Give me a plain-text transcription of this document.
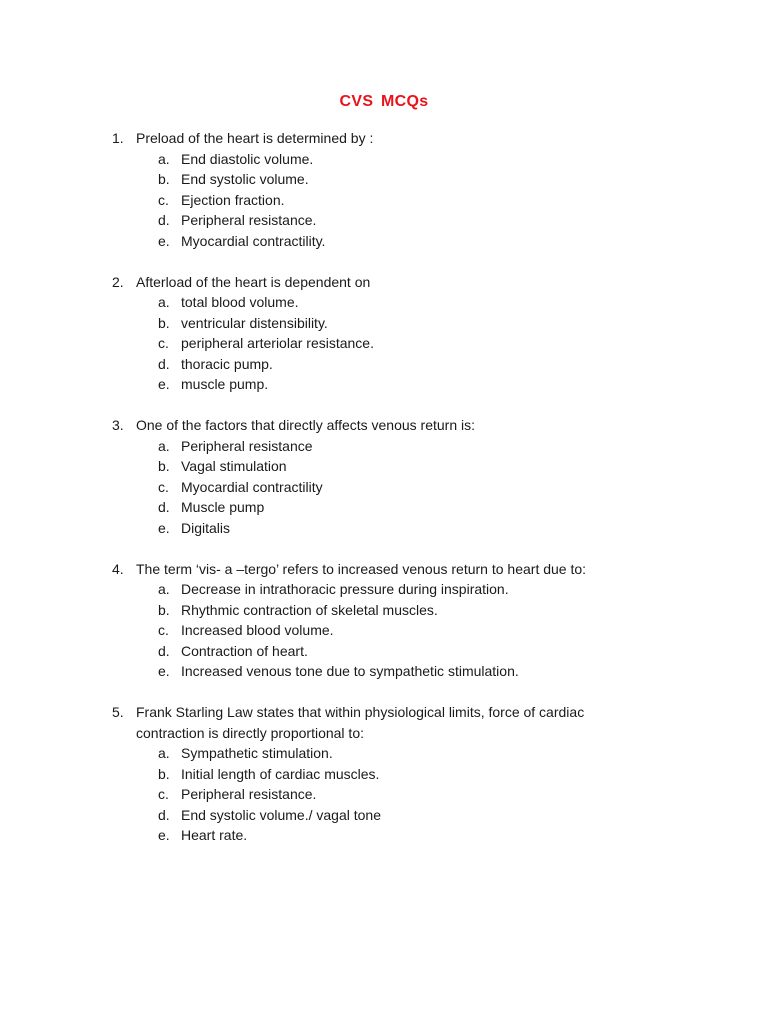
CVS MCQs
1. Preload of the heart is determined by :
a. End diastolic volume.
b. End systolic volume.
c. Ejection fraction.
d. Peripheral resistance.
e. Myocardial contractility.
2. Afterload of the heart is dependent on
a. total blood volume.
b. ventricular distensibility.
c. peripheral arteriolar resistance.
d. thoracic pump.
e. muscle pump.
3. One of the factors that directly affects venous return is:
a. Peripheral resistance
b. Vagal stimulation
c. Myocardial contractility
d. Muscle pump
e. Digitalis
4. The term ‘vis- a –tergo’ refers to increased venous return to heart due to:
a. Decrease in intrathoracic pressure during inspiration.
b. Rhythmic contraction of skeletal muscles.
c. Increased blood volume.
d. Contraction of heart.
e. Increased venous tone due to sympathetic stimulation.
5. Frank Starling Law states that within physiological limits, force of cardiac
contraction is directly proportional to:
a. Sympathetic stimulation.
b. Initial length of cardiac muscles.
c. Peripheral resistance.
d. End systolic volume./ vagal tone
e. Heart rate.
